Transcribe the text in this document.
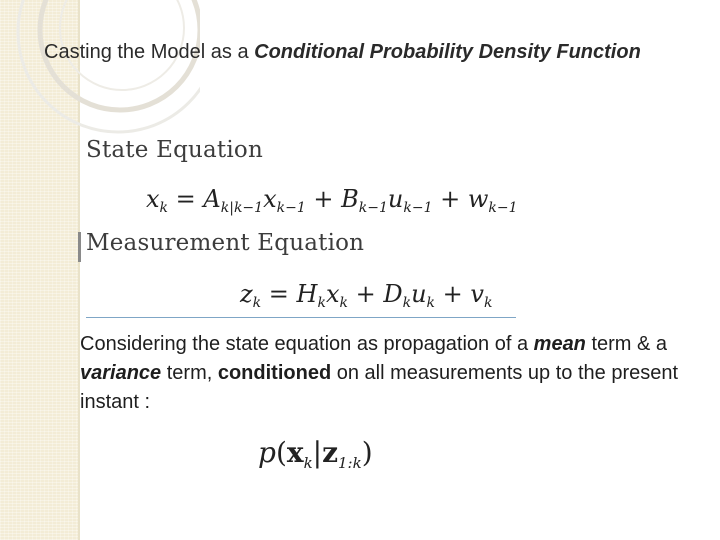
Casting the Model as a Conditional Probability Density Function
State Equation
$x_k = A_{k|k-1}x_{k-1} + B_{k-1}u_{k-1} + w_{k-1}$
Measurement Equation
$z_k = H_kx_k + D_ku_k + v_k$
Considering the state equation as propagation of a mean term & a variance term, conditioned on all measurements up to the present instant :
$p(x_k|z_{1:k})$
